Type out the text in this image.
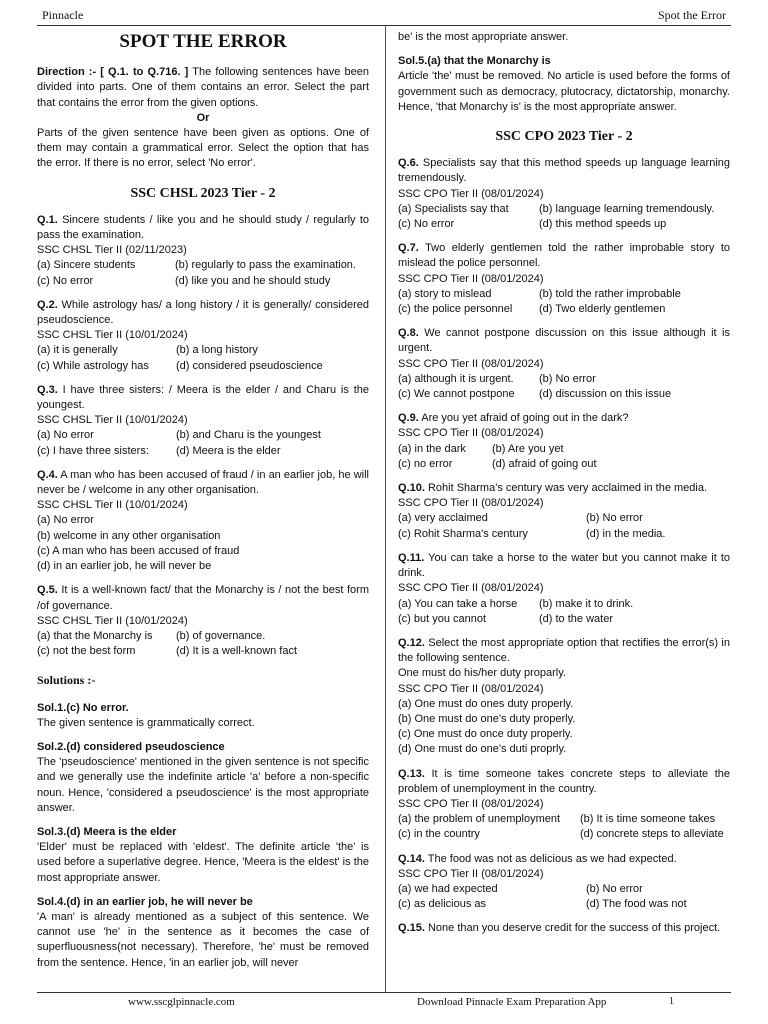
Pinnacle	Spot the Error
SPOT THE ERROR
Direction :- [ Q.1. to Q.716. ] The following sentences have been divided into parts. One of them contains an error. Select the part that contains the error from the given options.
Or
Parts of the given sentence have been given as options. One of them may contain a grammatical error. Select the option that has the error. If there is no error, select 'No error'.
SSC CHSL 2023 Tier - 2
Q.1. Sincere students / like you and he should study / regularly to pass the examination.
SSC CHSL Tier II (02/11/2023)
(a) Sincere students	(b) regularly to pass the examination.
(c) No error	(d) like you and he should study
Q.2. While astrology has/ a long history / it is generally/ considered pseudoscience.
SSC CHSL Tier II (10/01/2024)
(a) it is generally	(b) a long history
(c) While astrology has	(d) considered pseudoscience
Q.3. I have three sisters: / Meera is the elder / and Charu is the youngest.
SSC CHSL Tier II (10/01/2024)
(a) No error	(b) and Charu is the youngest
(c) I have three sisters:	(d) Meera is the elder
Q.4. A man who has been accused of fraud / in an earlier job, he will never be / welcome in any other organisation.
SSC CHSL Tier II (10/01/2024)
(a) No error
(b) welcome in any other organisation
(c) A man who has been accused of fraud
(d) in an earlier job, he will never be
Q.5. It is a well-known fact/ that the Monarchy is / not the best form /of governance.
SSC CHSL Tier II (10/01/2024)
(a) that the Monarchy is	(b) of governance.
(c) not the best form	(d) It is a well-known fact
Solutions :-
Sol.1.(c) No error.
The given sentence is grammatically correct.
Sol.2.(d) considered pseudoscience
The 'pseudoscience' mentioned in the given sentence is not specific and we generally use the indefinite article 'a' before a non-specific noun. Hence, 'considered a pseudoscience' is the most appropriate answer.
Sol.3.(d) Meera is the elder
'Elder' must be replaced with 'eldest'. The definite article 'the' is used before a superlative degree. Hence, 'Meera is the eldest' is the most appropriate answer.
Sol.4.(d) in an earlier job, he will never be
'A man' is already mentioned as a subject of this sentence. We cannot use 'he' in the sentence as it becomes the case of superfluousness(not necessary). Therefore, 'he' must be removed from the sentence. Hence, 'in an earlier job, will never
be' is the most appropriate answer.
Sol.5.(a) that the Monarchy is
Article 'the' must be removed. No article is used before the forms of government such as democracy, plutocracy, dictatorship, monarchy. Hence, 'that Monarchy is' is the most appropriate answer.
SSC CPO 2023 Tier - 2
Q.6. Specialists say that this method speeds up language learning tremendously.
SSC CPO Tier II (08/01/2024)
(a) Specialists say that	(b) language learning tremendously.
(c) No error	(d) this method speeds up
Q.7. Two elderly gentlemen told the rather improbable story to mislead the police personnel.
SSC CPO Tier II (08/01/2024)
(a) story to mislead	(b) told the rather improbable
(c) the police personnel	(d) Two elderly gentlemen
Q.8. We cannot postpone discussion on this issue although it is urgent.
SSC CPO Tier II (08/01/2024)
(a) although it is urgent.	(b) No error
(c) We cannot postpone	(d) discussion on this issue
Q.9. Are you yet afraid of going out in the dark?
SSC CPO Tier II (08/01/2024)
(a) in the dark	(b) Are you yet
(c) no error	(d) afraid of going out
Q.10. Rohit Sharma's century was very acclaimed in the media.
SSC CPO Tier II (08/01/2024)
(a) very acclaimed	(b) No error
(c) Rohit Sharma's century	(d) in the media.
Q.11. You can take a horse to the water but you cannot make it to drink.
SSC CPO Tier II (08/01/2024)
(a) You can take a horse	(b) make it to drink.
(c) but you cannot	(d) to the water
Q.12. Select the most appropriate option that rectifies the error(s) in the following sentence.
One must do his/her duty proparly.
SSC CPO Tier II (08/01/2024)
(a) One must do ones duty properly.
(b) One must do one's duty properly.
(c) One must do once duty properly.
(d) One must do one's duti proprly.
Q.13. It is time someone takes concrete steps to alleviate the problem of unemployment in the country.
SSC CPO Tier II (08/01/2024)
(a) the problem of unemployment	(b) It is time someone takes
(c) in the country	(d) concrete steps to alleviate
Q.14. The food was not as delicious as we had expected.
SSC CPO Tier II (08/01/2024)
(a) we had expected	(b) No error
(c) as delicious as	(d) The food was not
Q.15. None than you deserve credit for the success of this project.
www.sscglpinnacle.com	Download Pinnacle Exam Preparation App	1
